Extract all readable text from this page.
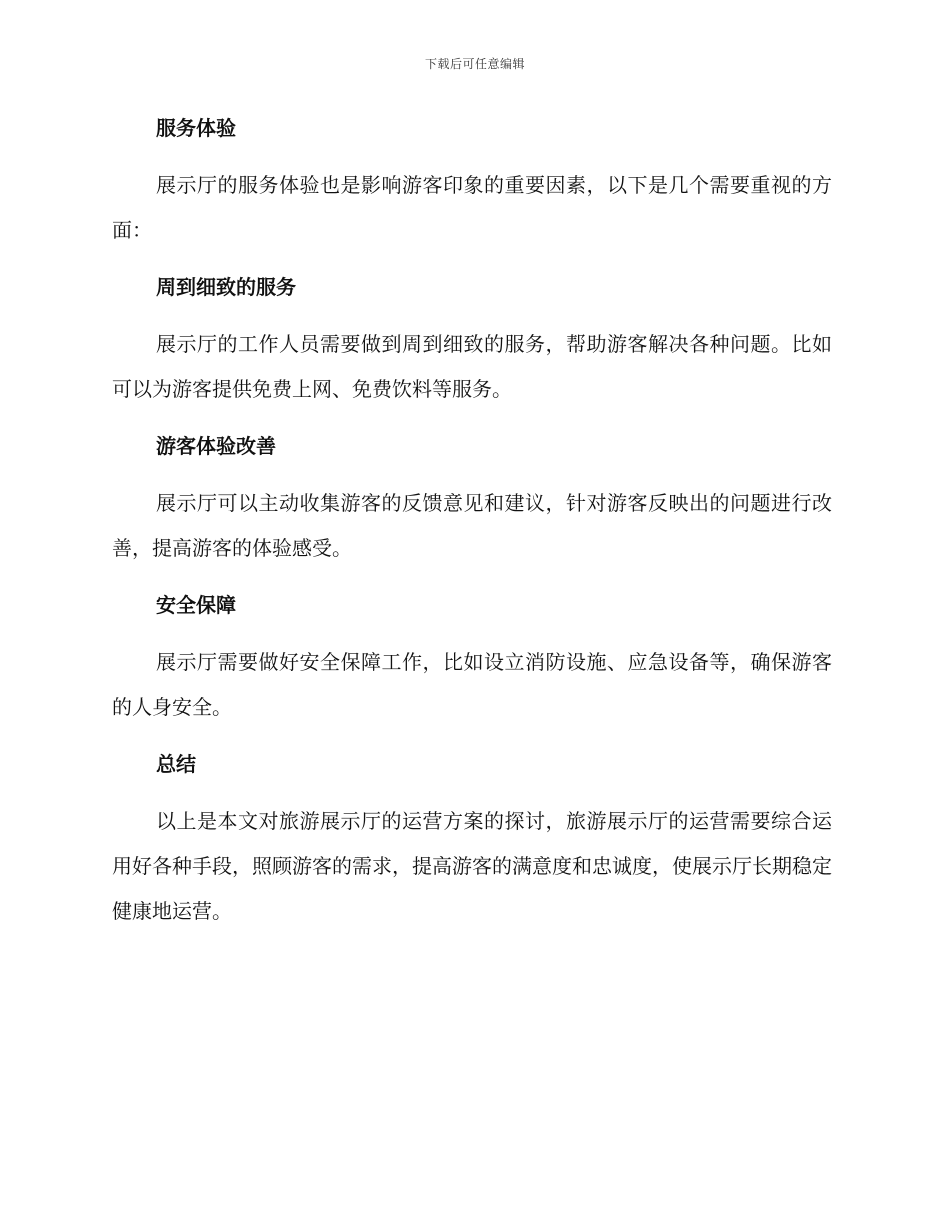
下载后可任意编辑
服务体验

展示厅的服务体验也是影响游客印象的重要因素，以下是几个需要重视的方面：

周到细致的服务

展示厅的工作人员需要做到周到细致的服务，帮助游客解决各种问题。比如可以为游客提供免费上网、免费饮料等服务。

游客体验改善

展示厅可以主动收集游客的反馈意见和建议，针对游客反映出的问题进行改善，提高游客的体验感受。

安全保障

展示厅需要做好安全保障工作，比如设立消防设施、应急设备等，确保游客的人身安全。

总结

以上是本文对旅游展示厅的运营方案的探讨，旅游展示厅的运营需要综合运用好各种手段，照顾游客的需求，提高游客的满意度和忠诚度，使展示厅长期稳定健康地运营。
